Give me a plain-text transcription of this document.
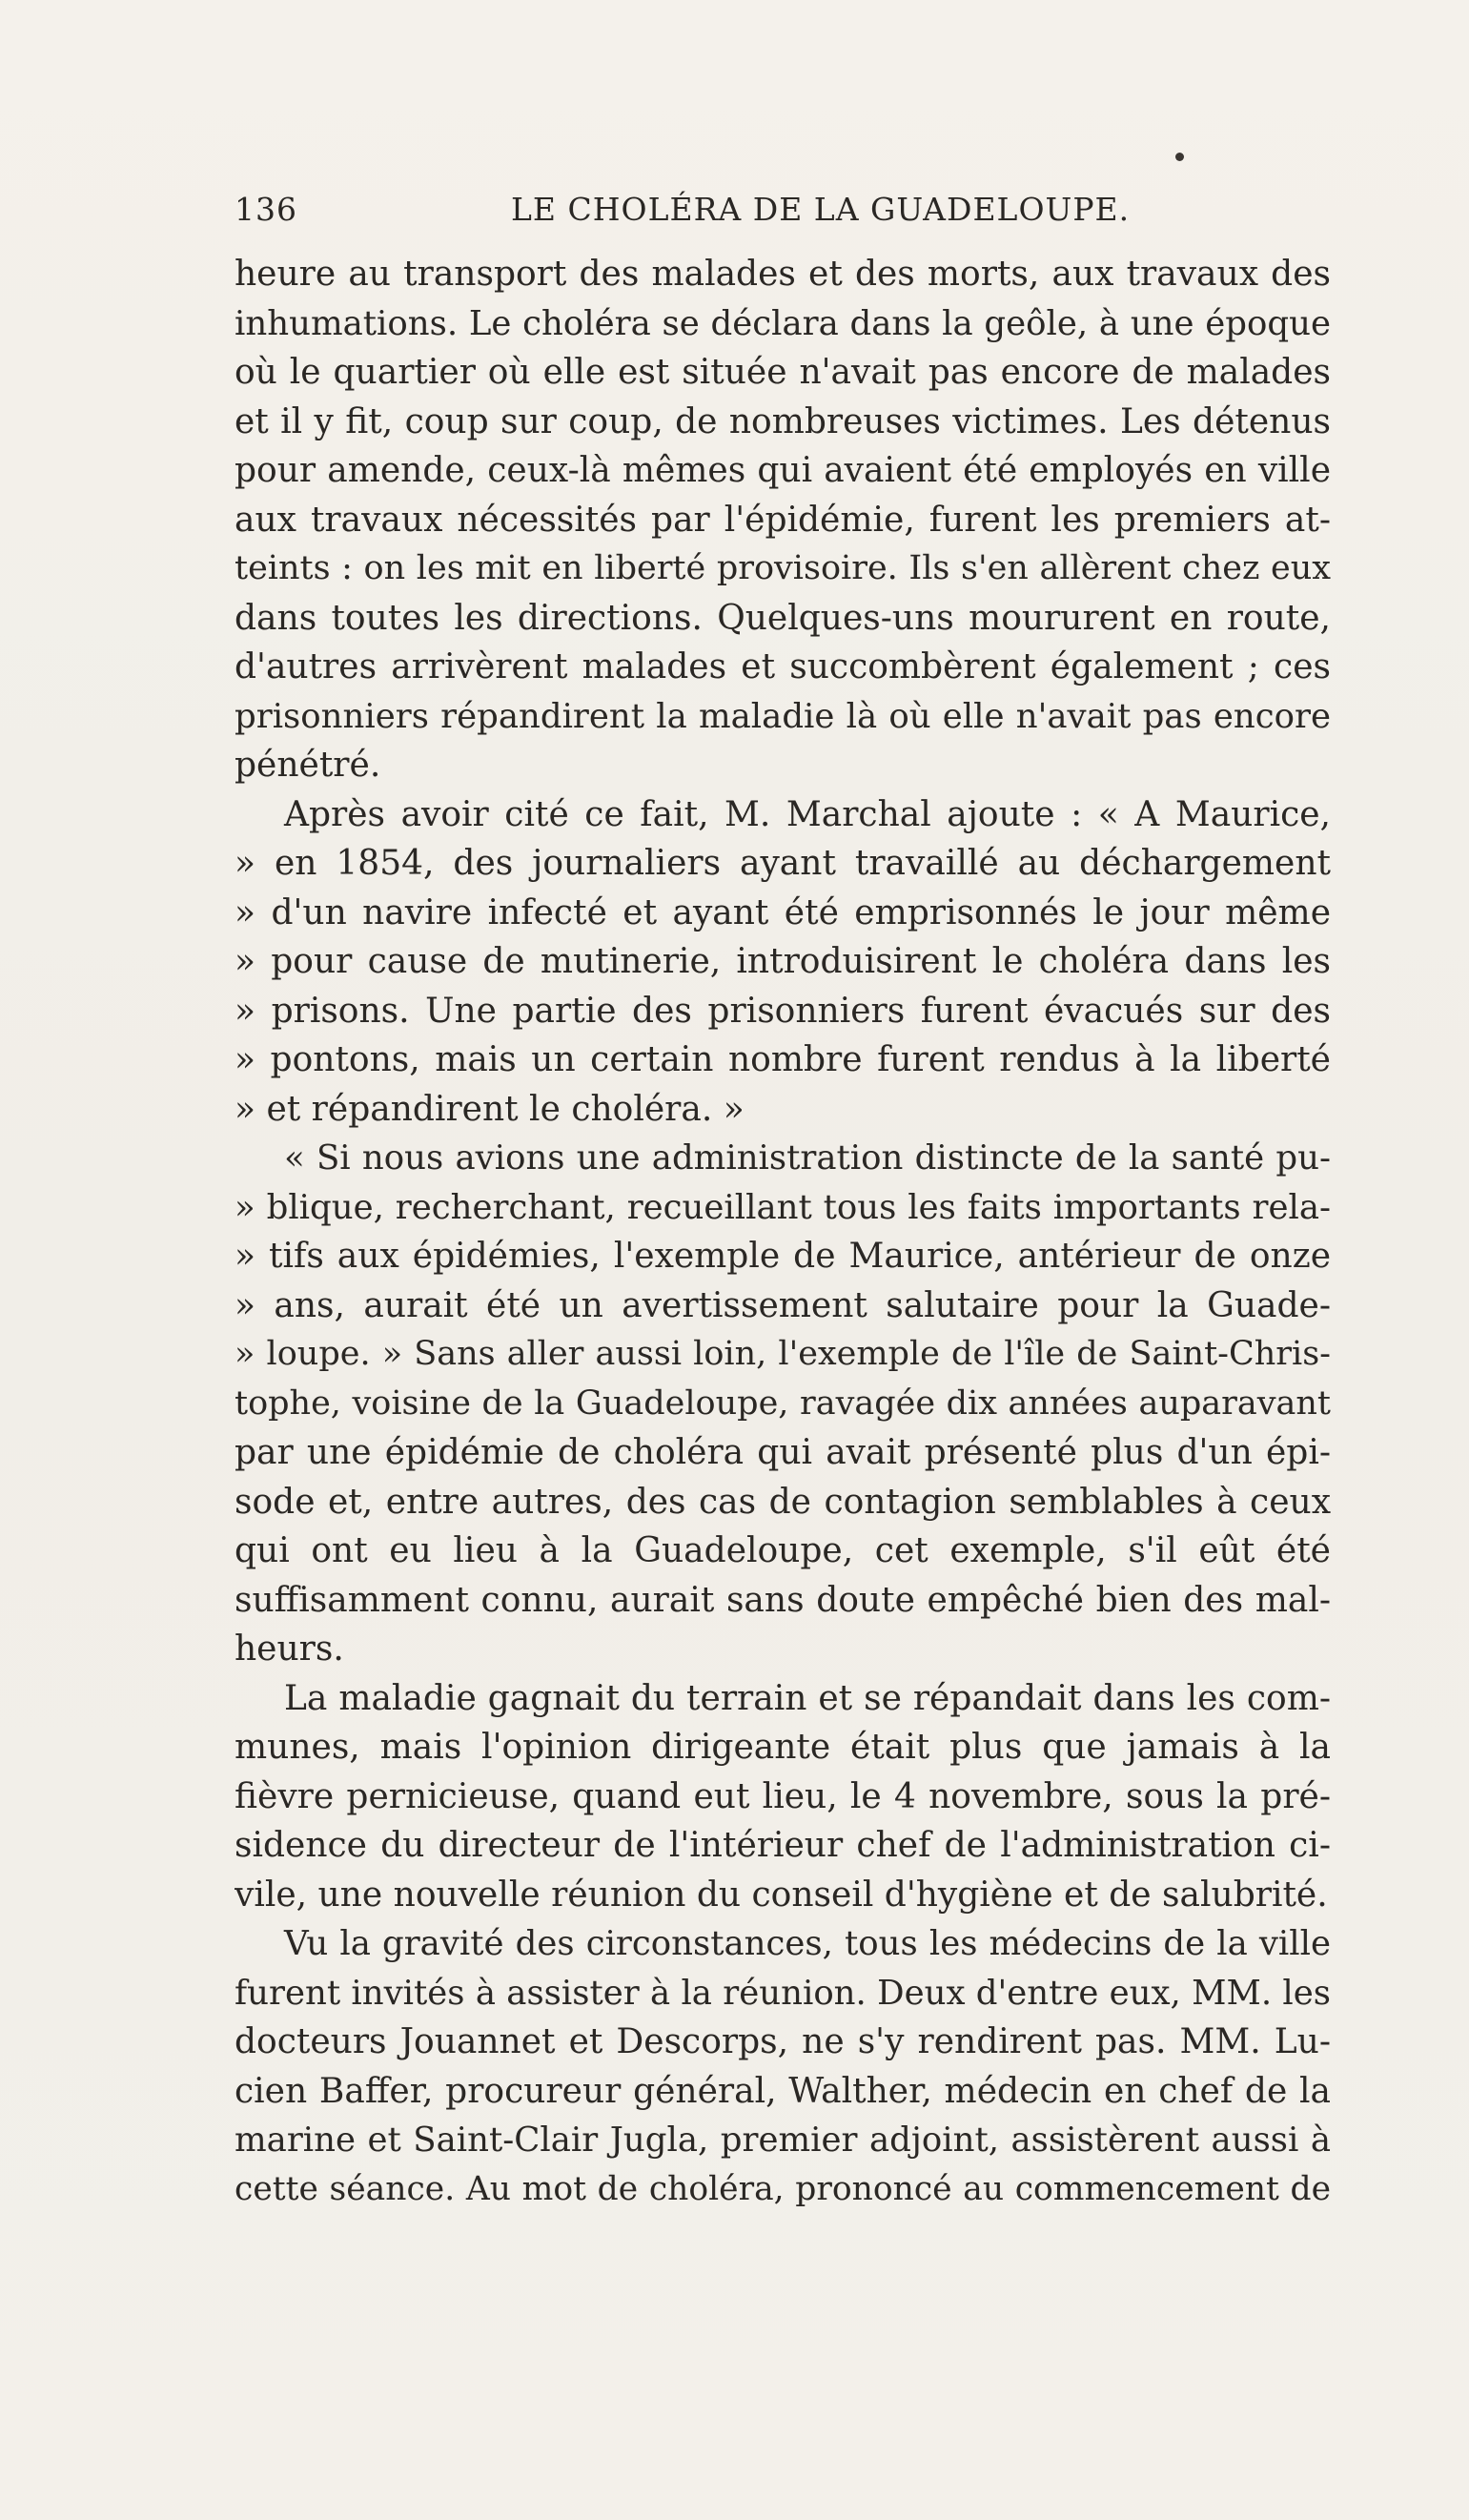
136	LE CHOLÉRA DE LA GUADELOUPE.
heure au transport des malades et des morts, aux travaux des
inhumations. Le choléra se déclara dans la geôle, à une époque
où le quartier où elle est située n'avait pas encore de malades
et il y fit, coup sur coup, de nombreuses victimes. Les détenus
pour amende, ceux-là mêmes qui avaient été employés en ville
aux travaux nécessités par l'épidémie, furent les premiers at-
teints : on les mit en liberté provisoire. Ils s'en allèrent chez eux
dans toutes les directions. Quelques-uns moururent en route,
d'autres arrivèrent malades et succombèrent également ; ces
prisonniers répandirent la maladie là où elle n'avait pas encore
pénétré.
Après avoir cité ce fait, M. Marchal ajoute : « A Maurice,
» en 1854, des journaliers ayant travaillé au déchargement
» d'un navire infecté et ayant été emprisonnés le jour même
» pour cause de mutinerie, introduisirent le choléra dans les
» prisons. Une partie des prisonniers furent évacués sur des
» pontons, mais un certain nombre furent rendus à la liberté
» et répandirent le choléra. »
« Si nous avions une administration distincte de la santé pu-
» blique, recherchant, recueillant tous les faits importants rela-
» tifs aux épidémies, l'exemple de Maurice, antérieur de onze
» ans, aurait été un avertissement salutaire pour la Guade-
» loupe. » Sans aller aussi loin, l'exemple de l'île de Saint-Chris-
tophe, voisine de la Guadeloupe, ravagée dix années auparavant
par une épidémie de choléra qui avait présenté plus d'un épi-
sode et, entre autres, des cas de contagion semblables à ceux
qui ont eu lieu à la Guadeloupe, cet exemple, s'il eût été
suffisamment connu, aurait sans doute empêché bien des mal-
heurs.
La maladie gagnait du terrain et se répandait dans les com-
munes, mais l'opinion dirigeante était plus que jamais à la
fièvre pernicieuse, quand eut lieu, le 4 novembre, sous la pré-
sidence du directeur de l'intérieur chef de l'administration ci-
vile, une nouvelle réunion du conseil d'hygiène et de salubrité.
Vu la gravité des circonstances, tous les médecins de la ville
furent invités à assister à la réunion. Deux d'entre eux, MM. les
docteurs Jouannet et Descorps, ne s'y rendirent pas. MM. Lu-
cien Baffer, procureur général, Walther, médecin en chef de la
marine et Saint-Clair Jugla, premier adjoint, assistèrent aussi à
cette séance. Au mot de choléra, prononcé au commencement de
